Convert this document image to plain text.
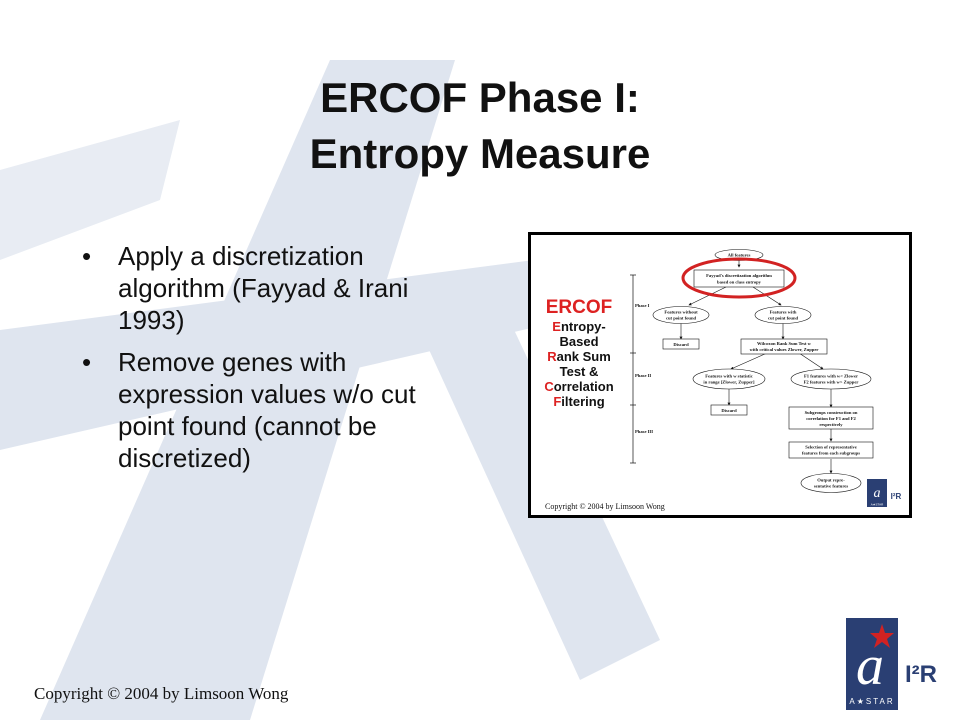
ERCOF Phase I:
Entropy Measure
• Apply a discretization algorithm (Fayyad & Irani 1993)
• Remove genes with expression values w/o cut point found (cannot be discretized)
ERCOF
Entropy-
Based
Rank Sum
Test &
Correlation
Filtering
Phase I
Phase II
Phase III
All features
Fayyad's discretization algorithm
based on class entropy
Features without
cut point found
Features with
cut point found
Discard	Wilcoxon Rank Sum Test w
with critical values Zlower, Zupper
Features with w statistic
in range [Zlower, Zupper]
F1 features with w< Zlower
F2 features with w> Zupper
Discard	Subgroups construction on
correlation for F1 and F2
respectively
Selection of representative
features from each subgroups
Output repre-
sentative features a I²R
A★STAR
Copyright © 2004 by Limsoon Wong
Copyright © 2004 by Limsoon Wong	a
A★STAR
I²R
